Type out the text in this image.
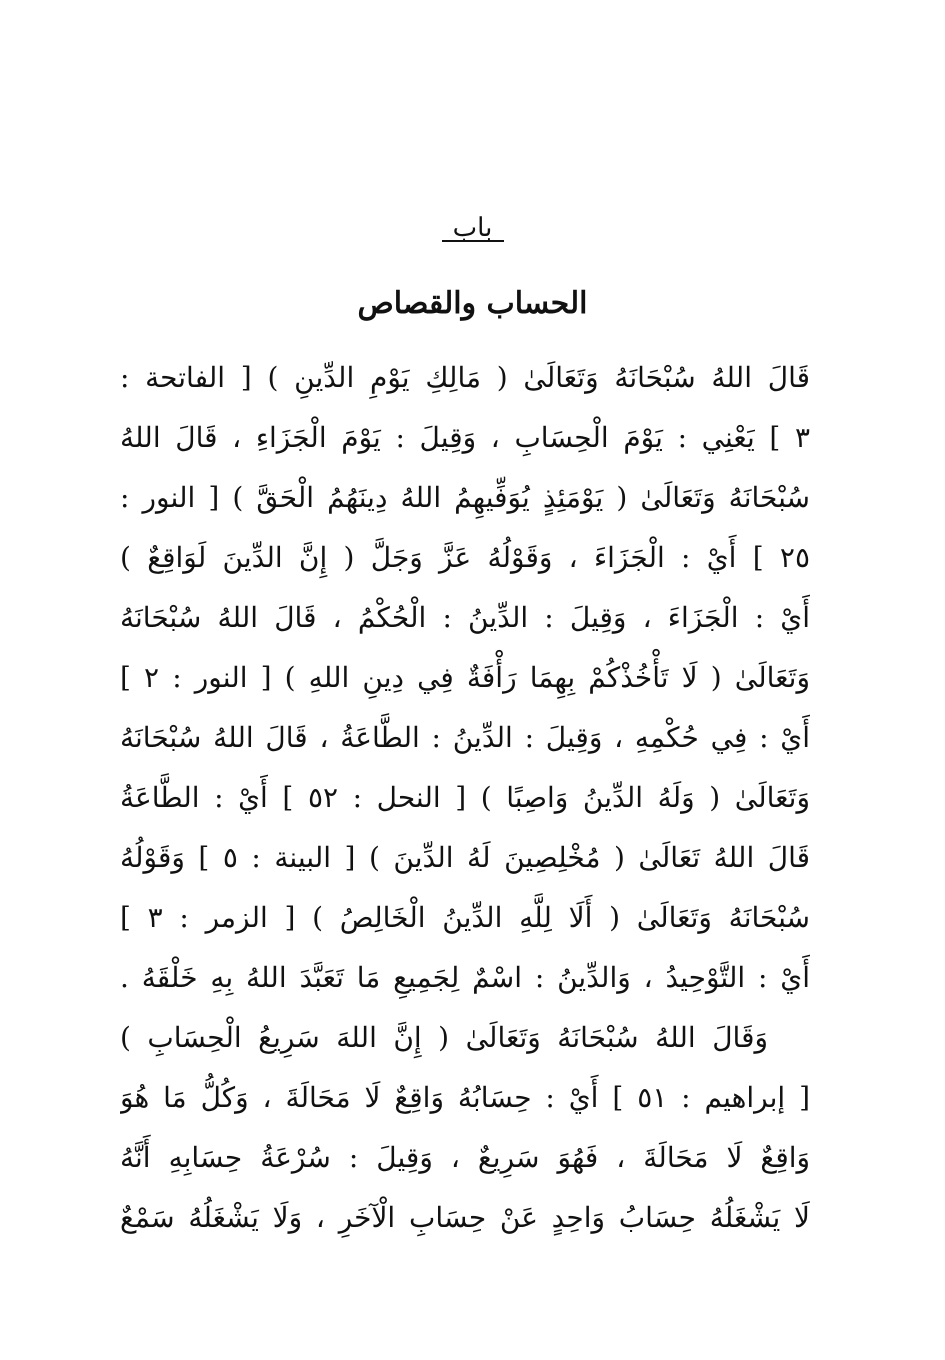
باب
الحساب والقصاص
قَالَ اللهُ سُبْحَانَهُ وَتَعَالَىٰ ( مَالِكِ يَوْمِ الدِّينِ ) [ الفاتحة :
٣ ] يَعْنِي : يَوْمَ الْحِسَابِ ، وَقِيلَ : يَوْمَ الْجَزَاءِ ، قَالَ اللهُ
سُبْحَانَهُ وَتَعَالَىٰ ( يَوْمَئِذٍ يُوَفِّيهِمُ اللهُ دِينَهُمُ الْحَقَّ ) [ النور :
٢٥ ] أَيْ : الْجَزَاءَ ، وَقَوْلُهُ عَزَّ وَجَلَّ ( إِنَّ الدِّينَ لَوَاقِعٌ )
أَيْ : الْجَزَاءَ ، وَقِيلَ : الدِّينُ : الْحُكْمُ ، قَالَ اللهُ سُبْحَانَهُ
وَتَعَالَىٰ ( لَا تَأْخُذْكُمْ بِهِمَا رَأْفَةٌ فِي دِينِ اللهِ ) [ النور : ٢ ]
أَيْ : فِي حُكْمِهِ ، وَقِيلَ : الدِّينُ : الطَّاعَةُ ، قَالَ اللهُ سُبْحَانَهُ
وَتَعَالَىٰ ( وَلَهُ الدِّينُ وَاصِبًا ) [ النحل : ٥٢ ] أَيْ : الطَّاعَةُ
قَالَ اللهُ تَعَالَىٰ ( مُخْلِصِينَ لَهُ الدِّينَ ) [ البينة : ٥ ] وَقَوْلُهُ
سُبْحَانَهُ وَتَعَالَىٰ ( أَلَا لِلَّهِ الدِّينُ الْخَالِصُ ) [ الزمر : ٣ ]
أَيْ : التَّوْحِيدُ ، وَالدِّينُ : اسْمٌ لِجَمِيعِ مَا تَعَبَّدَ اللهُ بِهِ خَلْقَهُ .
وَقَالَ اللهُ سُبْحَانَهُ وَتَعَالَىٰ ( إِنَّ اللهَ سَرِيعُ الْحِسَابِ )
[ إبراهيم : ٥١ ] أَيْ : حِسَابُهُ وَاقِعٌ لَا مَحَالَةَ ، وَكُلُّ مَا هُوَ
وَاقِعٌ لَا مَحَالَةَ ، فَهُوَ سَرِيعٌ ، وَقِيلَ : سُرْعَةُ حِسَابِهِ أَنَّهُ
لَا يَشْغَلُهُ حِسَابُ وَاحِدٍ عَنْ حِسَابِ الْآخَرِ ، وَلَا يَشْغَلُهُ سَمْعٌ
